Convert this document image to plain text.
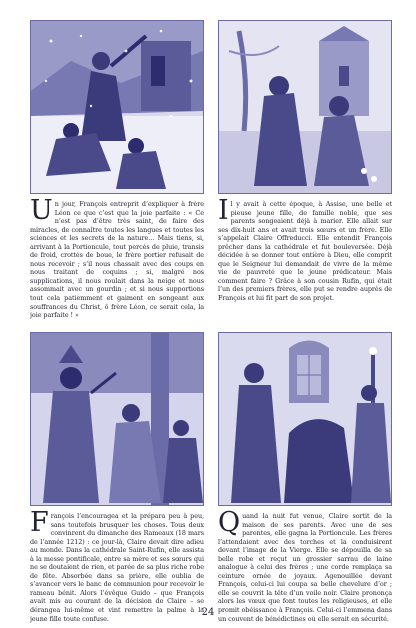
Un jour, François entreprit d’expliquer à frère Léon ce que c’est que la joie parfaite : « Ce n’est pas d’être très saint, de faire des miracles, de connaître toutes les langues et toutes les sciences et les secrets de la nature… Mais tiens, si, arrivant à la Portioncule, tout percés de pluie, transis de froid, crottés de boue, le frère portier refusait de nous recevoir ; s’il nous chassait avec des coups en nous traitant de coquins ; si, malgré nos supplications, il nous roulait dans la neige et nous assommait avec un gourdin ; et si nous supportions tout cela patiemment et gaiment en songeant aux souffrances du Christ, ô frère Léon, ce serait cela, la joie parfaite ! »
Il y avait à cette époque, à Assise, une belle et pieuse jeune fille, de famille noble, que ses parents songeaient déjà à marier. Elle allait sur ses dix-huit ans et avait trois sœurs et un frère. Elle s’appelait Claire Offreducci. Elle entendit François prêcher dans la cathédrale et fut bouleversée. Déjà décidée à se donner tout entière à Dieu, elle comprit que le Seigneur lui demandait de vivre de la même vie de pauvreté que le jeune prédicateur. Mais comment faire ? Grâce à son cousin Rufin, qui était l’un des premiers frères, elle put se rendre auprès de François et lui fit part de son projet.
François l’encouragea et la prépara peu à peu, sans toutefois brusquer les choses. Tous deux convinrent du dimanche des Rameaux (18 mars de l’année 1212) : ce jour-là, Claire devait dire adieu au monde. Dans la cathédrale Saint-Rufin, elle assista à la messe pontificale, entre sa mère et ses sœurs qui ne se doutaient de rien, et parée de sa plus riche robe de fête. Absorbée dans sa prière, elle oublia de s’avancer vers le banc de communion pour recevoir le rameau bénit. Alors l’évêque Guido – que François avait mis au courant de la décision de Claire – se dérangea lui-même et vint remettre la palme à la jeune fille toute confuse.
Quand la nuit fut venue, Claire sortit de la maison de ses parents. Avec une de ses parentes, elle gagna la Portioncule. Les frères l’attendaient avec des torches et la conduisirent devant l’image de la Vierge. Elle se dépouilla de sa belle robe et reçut un grossier sarrau de laine analogue à celui des frères ; une corde remplaça sa ceinture ornée de joyaux. Agenouillée devant François, celui-ci lui coupa sa belle chevelure d’or ; elle se couvrit la tête d’un voile noir. Claire prononça alors les vœux que font toutes les religieuses, et elle promit obéissance à François. Celui-ci l’emmena dans un couvent de bénédictines où elle serait en sécurité.
24
